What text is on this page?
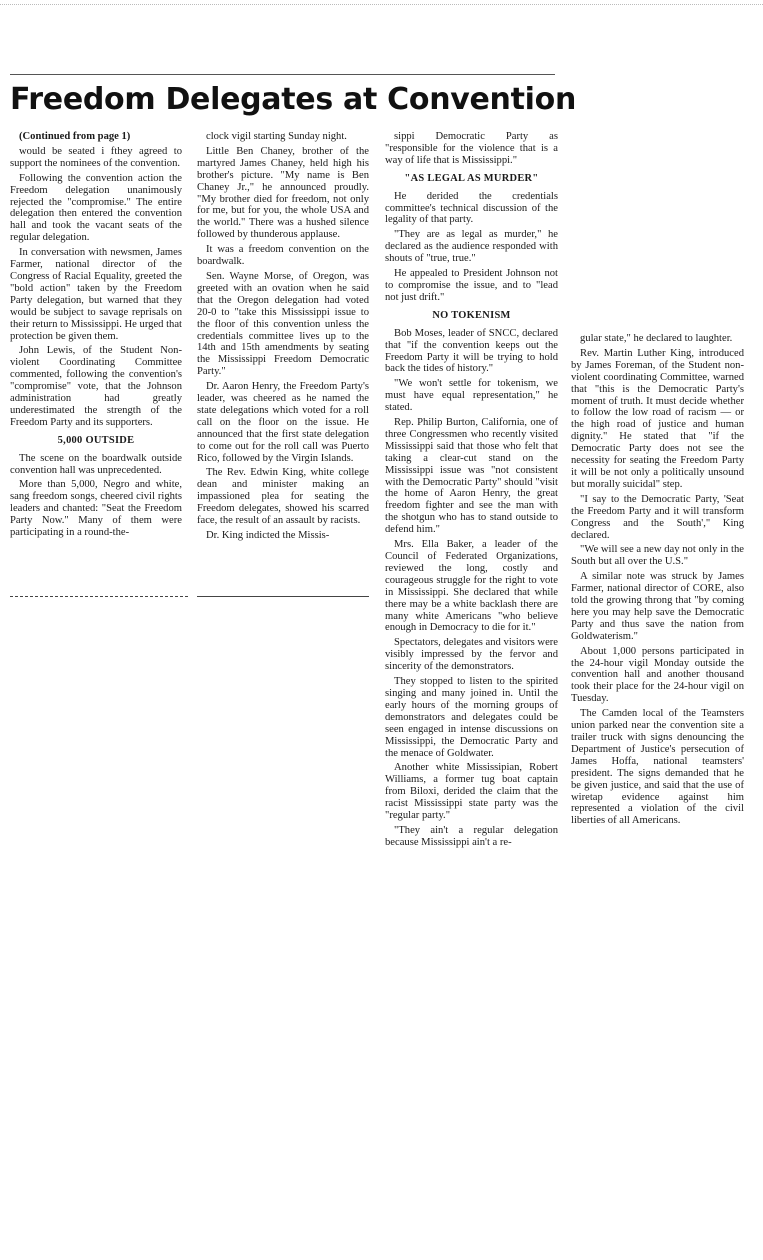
Freedom Delegates at Convention

(Continued from page 1)

would be seated i fthey agreed to support the nominees of the convention.

Following the convention action the Freedom delegation unanimously rejected the "compromise." The entire delegation then entered the convention hall and took the vacant seats of the regular delegation.

In conversation with newsmen, James Farmer, national director of the Congress of Racial Equality, greeted the "bold action" taken by the Freedom Party delegation, but warned that they would be subject to savage reprisals on their return to Mississippi. He urged that protection be given them.

John Lewis, of the Student Non-violent Coordinating Committee commented, following the convention's "compromise" vote, that the Johnson administration had greatly underestimated the strength of the Freedom Party and its supporters.

5,000 OUTSIDE

The scene on the boardwalk outside convention hall was unprecedented.

More than 5,000, Negro and white, sang freedom songs, cheered civil rights leaders and chanted: "Seat the Freedom Party Now." Many of them were participating in a round-the-

clock vigil starting Sunday night.

Little Ben Chaney, brother of the martyred James Chaney, held high his brother's picture. "My name is Ben Chaney Jr.," he announced proudly. "My brother died for freedom, not only for me, but for you, the whole USA and the world." There was a hushed silence followed by thunderous applause.

It was a freedom convention on the boardwalk.

Sen. Wayne Morse, of Oregon, was greeted with an ovation when he said that the Oregon delegation had voted 20-0 to "take this Mississippi issue to the floor of this convention unless the credentials committee lives up to the 14th and 15th amendments by seating the Mississippi Freedom Democratic Party."

Dr. Aaron Henry, the Freedom Party's leader, was cheered as he named the state delegations which voted for a roll call on the floor on the issue. He announced that the first state delegation to come out for the roll call was Puerto Rico, followed by the Virgin Islands.

The Rev. Edwin King, white college dean and minister making an impassioned plea for seating the Freedom delegates, showed his scarred face, the result of an assault by racists.

Dr. King indicted the Missis-

sippi Democratic Party as "responsible for the violence that is a way of life that is Mississippi."

"AS LEGAL AS MURDER"

He derided the credentials committee's technical discussion of the legality of that party.

"They are as legal as murder," he declared as the audience responded with shouts of "true, true."

He appealed to President Johnson not to compromise the issue, and to "lead not just drift."

NO TOKENISM

Bob Moses, leader of SNCC, declared that "if the convention keeps out the Freedom Party it will be trying to hold back the tides of history."

"We won't settle for tokenism, we must have equal representation," he stated.

Rep. Philip Burton, California, one of three Congressmen who recently visited Mississippi said that those who felt that taking a clear-cut stand on the Mississippi issue was "not consistent with the Democratic Party" should "visit the home of Aaron Henry, the great freedom fighter and see the man with the shotgun who has to stand outside to defend him."

Mrs. Ella Baker, a leader of the Council of Federated Organizations, reviewed the long, costly and courageous struggle for the right to vote in Mississippi. She declared that while there may be a white backlash there are many white Americans "who believe enough in Democracy to die for it."

Spectators, delegates and visitors were visibly impressed by the fervor and sincerity of the demonstrators.

They stopped to listen to the spirited singing and many joined in. Until the early hours of the morning groups of demonstrators and delegates could be seen engaged in intense discussions on Mississippi, the Democratic Party and the menace of Goldwater.

Another white Mississipian, Robert Williams, a former tug boat captain from Biloxi, derided the claim that the racist Mississippi state party was the "regular party."

"They ain't a regular delegation because Mississippi ain't a re-

gular state," he declared to laughter.

Rev. Martin Luther King, introduced by James Foreman, of the Student non-violent coordinating Committee, warned that "this is the Democratic Party's moment of truth. It must decide whether to follow the low road of racism — or the high road of justice and human dignity." He stated that "if the Democratic Party does not see the necessity for seating the Freedom Party it will be not only a politically unsound but morally suicidal" step.

"I say to the Democratic Party, 'Seat the Freedom Party and it will transform Congress and the South'," King declared.

"We will see a new day not only in the South but all over the U.S."

A similar note was struck by James Farmer, national director of CORE, also told the growing throng that "by coming here you may help save the Democratic Party and thus save the nation from Goldwaterism."

About 1,000 persons participated in the 24-hour vigil Monday outside the convention hall and another thousand took their place for the 24-hour vigil on Tuesday.

The Camden local of the Teamsters union parked near the convention site a trailer truck with signs denouncing the Department of Justice's persecution of James Hoffa, national teamsters' president. The signs demanded that he be given justice, and said that the use of wiretap evidence against him represented a violation of the civil liberties of all Americans.
